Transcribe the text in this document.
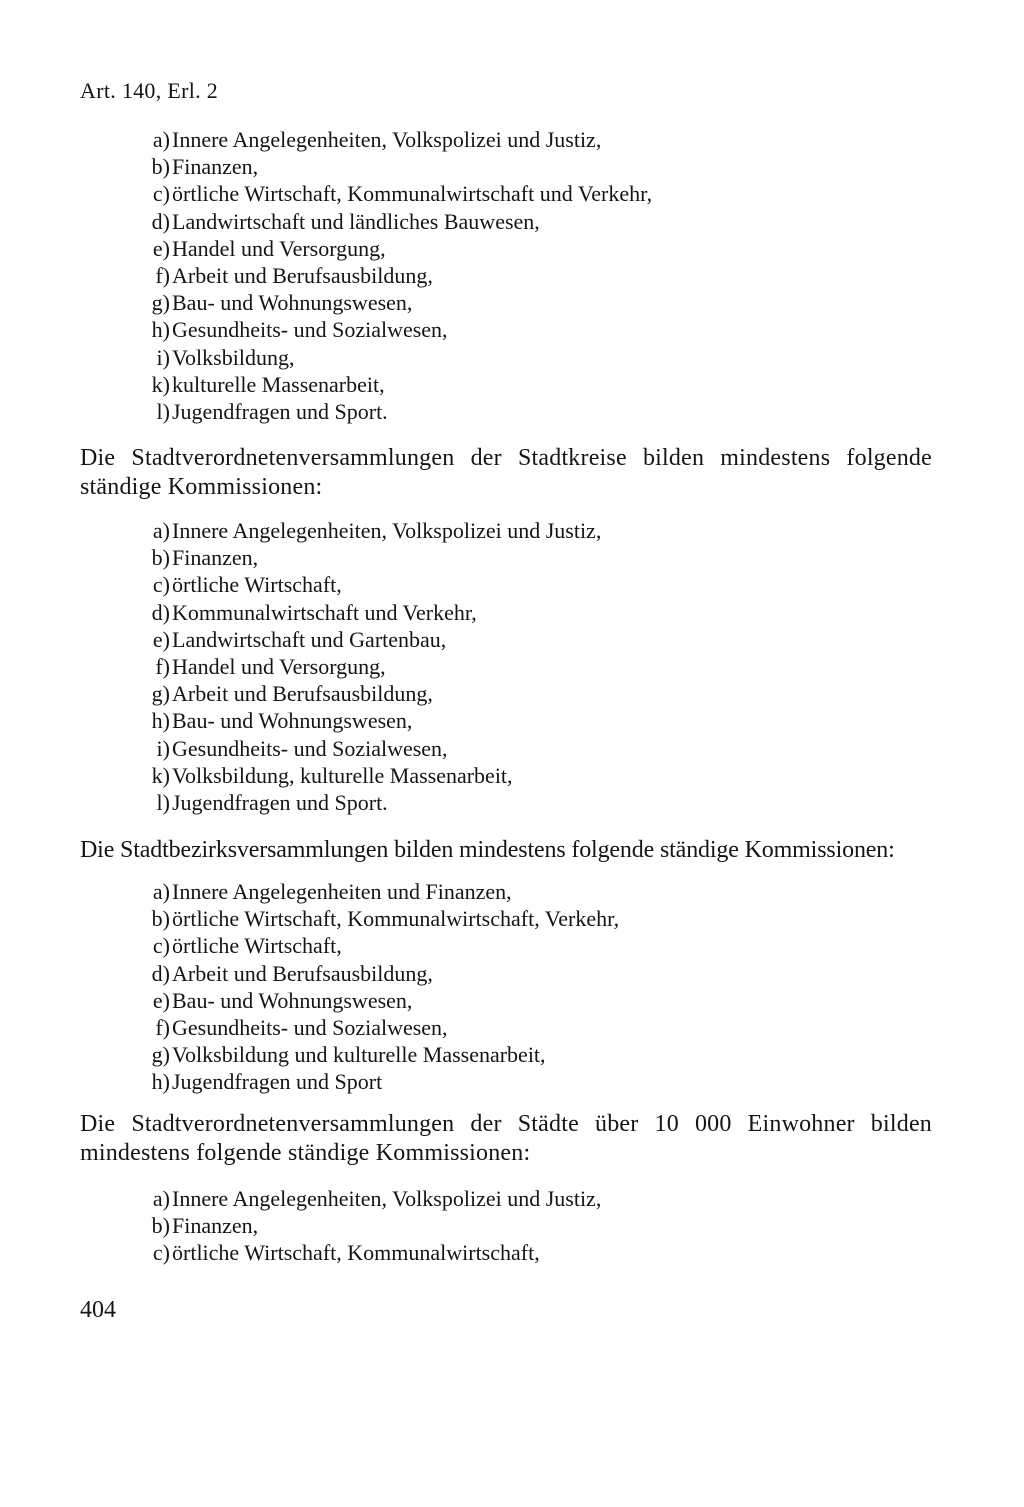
Art. 140, Erl. 2
a) Innere Angelegenheiten, Volkspolizei und Justiz,
b) Finanzen,
c) örtliche Wirtschaft, Kommunalwirtschaft und Verkehr,
d) Landwirtschaft und ländliches Bauwesen,
e) Handel und Versorgung,
f) Arbeit und Berufsausbildung,
g) Bau- und Wohnungswesen,
h) Gesundheits- und Sozialwesen,
i) Volksbildung,
k) kulturelle Massenarbeit,
l) Jugendfragen und Sport.

Die Stadtverordnetenversammlungen der Stadtkreise bilden mindestens folgende ständige Kommissionen:

a) Innere Angelegenheiten, Volkspolizei und Justiz,
b) Finanzen,
c) örtliche Wirtschaft,
d) Kommunalwirtschaft und Verkehr,
e) Landwirtschaft und Gartenbau,
f) Handel und Versorgung,
g) Arbeit und Berufsausbildung,
h) Bau- und Wohnungswesen,
i) Gesundheits- und Sozialwesen,
k) Volksbildung, kulturelle Massenarbeit,
l) Jugendfragen und Sport.

Die Stadtbezirksversammlungen bilden mindestens folgende ständige Kommissionen:

a) Innere Angelegenheiten und Finanzen,
b) örtliche Wirtschaft, Kommunalwirtschaft, Verkehr,
c) örtliche Wirtschaft,
d) Arbeit und Berufsausbildung,
e) Bau- und Wohnungswesen,
f) Gesundheits- und Sozialwesen,
g) Volksbildung und kulturelle Massenarbeit,
h) Jugendfragen und Sport

Die Stadtverordnetenversammlungen der Städte über 10 000 Einwohner bilden mindestens folgende ständige Kommissionen:

a) Innere Angelegenheiten, Volkspolizei und Justiz,
b) Finanzen,
c) örtliche Wirtschaft, Kommunalwirtschaft,
404
